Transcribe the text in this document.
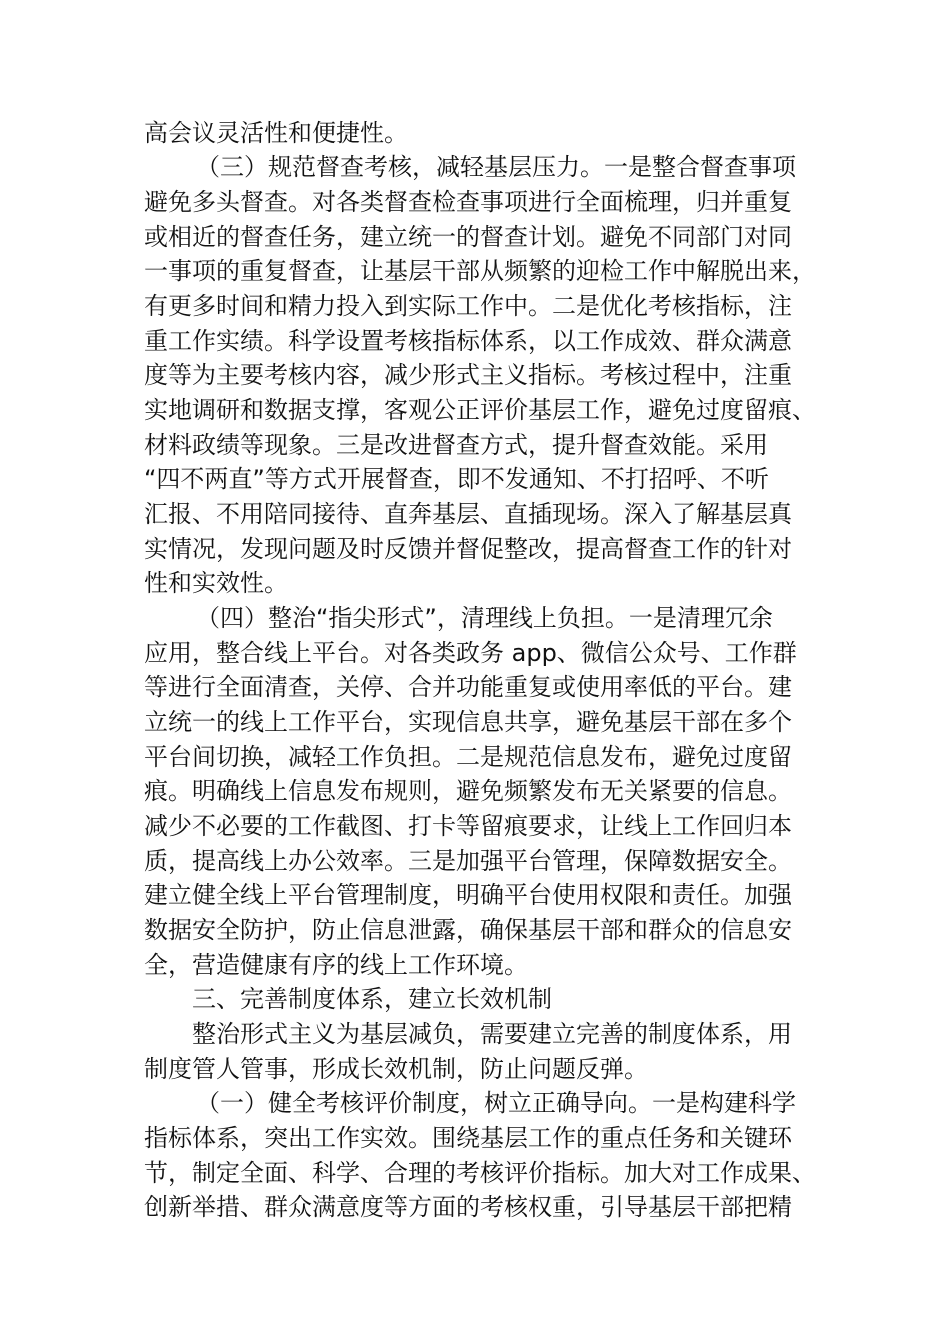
高会议灵活性和便捷性。

（三）规范督查考核，减轻基层压力。一是整合督查事项

避免多头督查。对各类督查检查事项进行全面梳理，归并重复

或相近的督查任务，建立统一的督查计划。避免不同部门对同

一事项的重复督查，让基层干部从频繁的迎检工作中解脱出来，

有更多时间和精力投入到实际工作中。二是优化考核指标，注

重工作实绩。科学设置考核指标体系，以工作成效、群众满意

度等为主要考核内容，减少形式主义指标。考核过程中，注重

实地调研和数据支撑，客观公正评价基层工作，避免过度留痕、

材料政绩等现象。三是改进督查方式，提升督查效能。采用

“四不两直”等方式开展督查，即不发通知、不打招呼、不听

汇报、不用陪同接待、直奔基层、直插现场。深入了解基层真

实情况，发现问题及时反馈并督促整改，提高督查工作的针对

性和实效性。

（四）整治“指尖形式”，清理线上负担。一是清理冗余

应用，整合线上平台。对各类政务 app、微信公众号、工作群

等进行全面清查，关停、合并功能重复或使用率低的平台。建

立统一的线上工作平台，实现信息共享，避免基层干部在多个

平台间切换，减轻工作负担。二是规范信息发布，避免过度留

痕。明确线上信息发布规则，避免频繁发布无关紧要的信息。

减少不必要的工作截图、打卡等留痕要求，让线上工作回归本

质，提高线上办公效率。三是加强平台管理，保障数据安全。

建立健全线上平台管理制度，明确平台使用权限和责任。加强

数据安全防护，防止信息泄露，确保基层干部和群众的信息安

全，营造健康有序的线上工作环境。

三、完善制度体系，建立长效机制

整治形式主义为基层减负，需要建立完善的制度体系，用

制度管人管事，形成长效机制，防止问题反弹。

（一）健全考核评价制度，树立正确导向。一是构建科学

指标体系，突出工作实效。围绕基层工作的重点任务和关键环

节，制定全面、科学、合理的考核评价指标。加大对工作成果、

创新举措、群众满意度等方面的考核权重，引导基层干部把精
